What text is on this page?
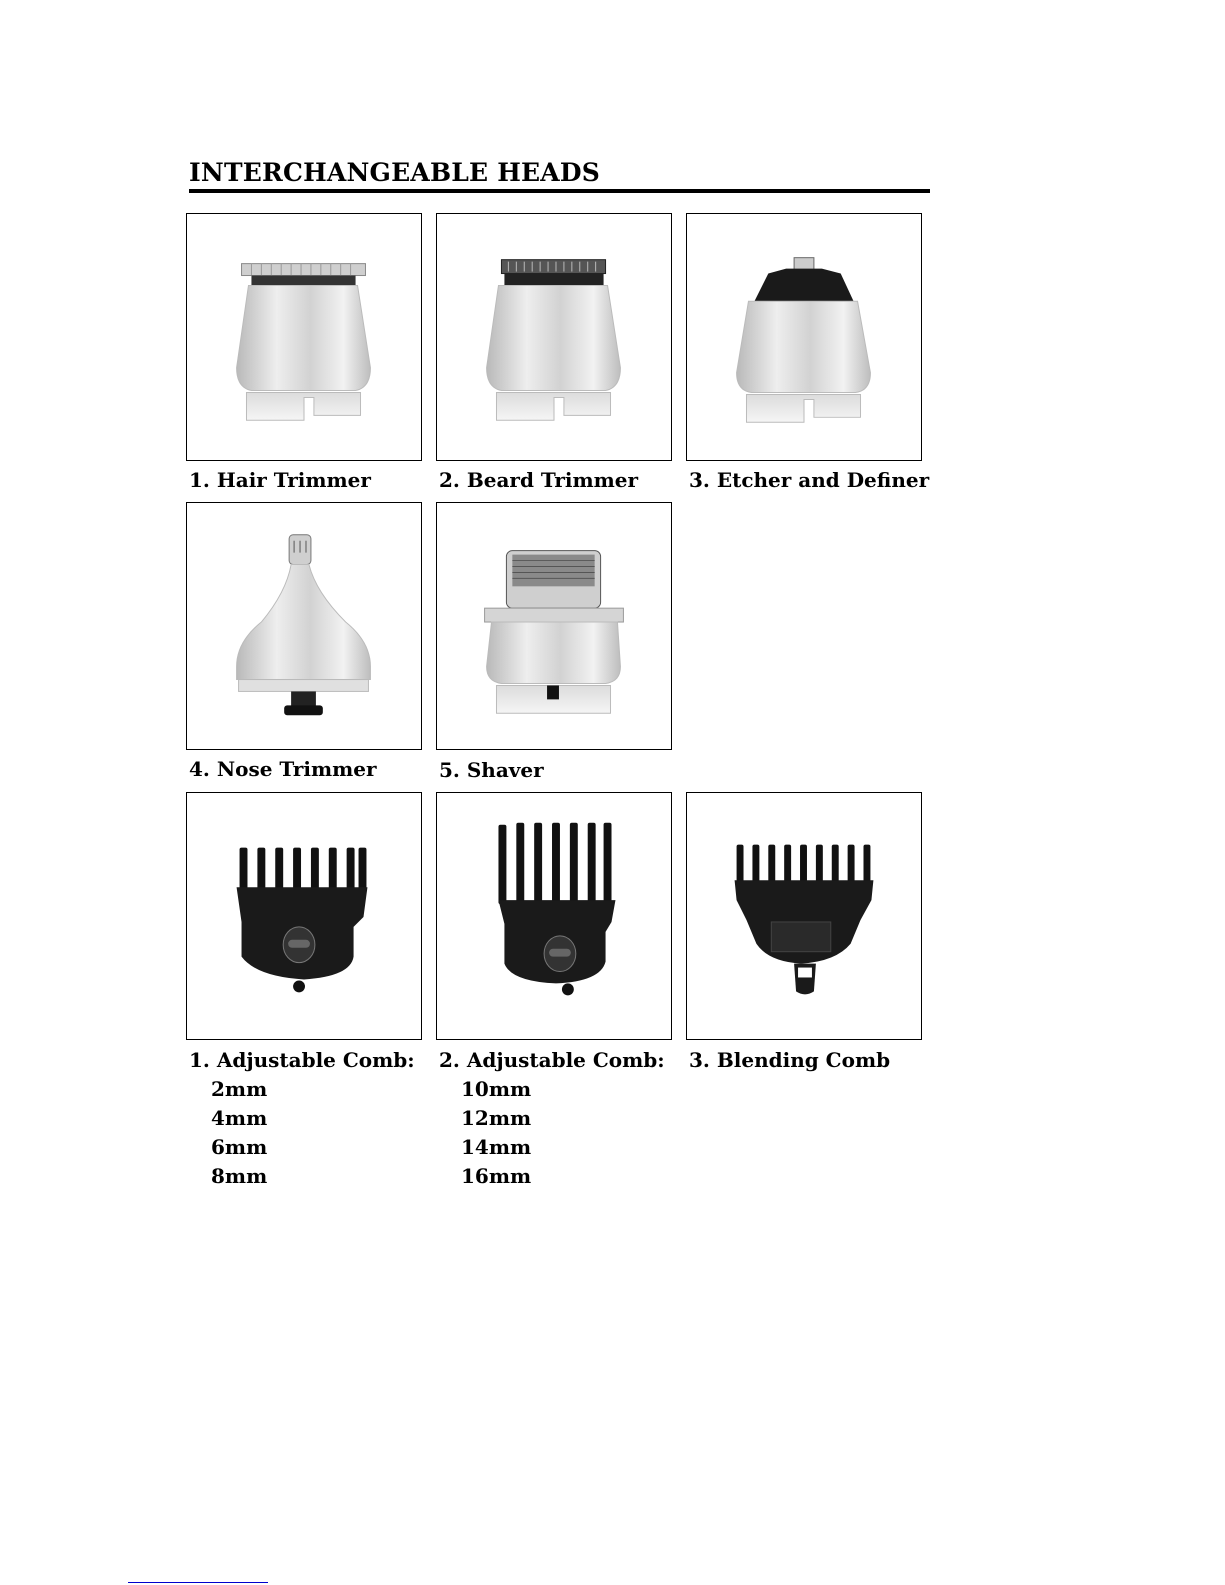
INTERCHANGEABLE HEADS
1. Hair Trimmer	2. Beard Trimmer	3. Etcher and Definer
4. Nose Trimmer	5. Shaver
1. Adjustable Comb:
2mm
4mm
6mm
8mm
2. Adjustable Comb:
10mm
12mm
14mm
16mm
3. Blending Comb
